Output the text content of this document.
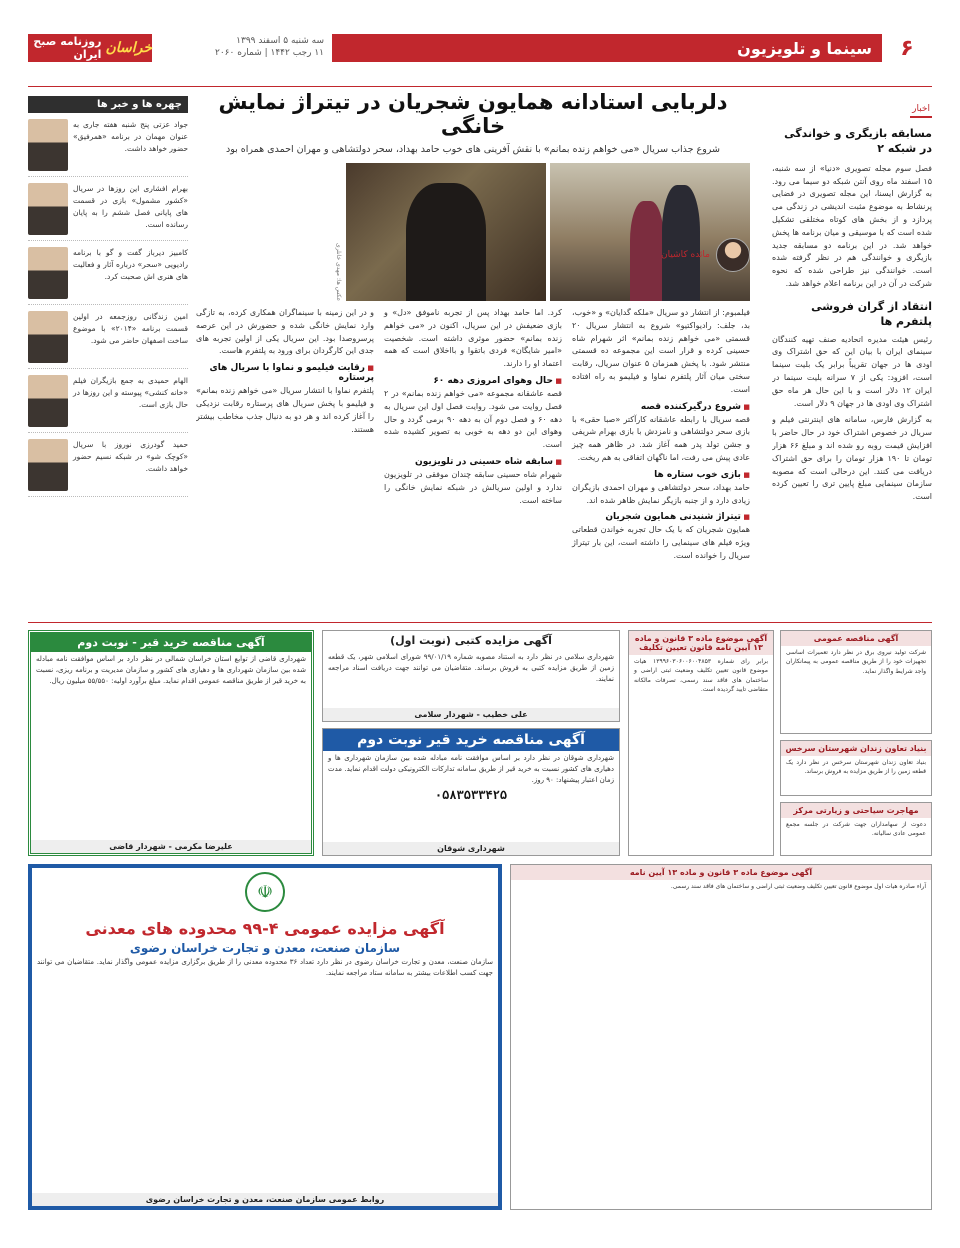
۶
سینما و تلویزیون
سه شنبه ۵ اسفند ۱۳۹۹
۱۱ رجب ۱۴۴۲ | شماره ۲۰۶۰
خراسان
روزنامه صبح ایران
اخبار
مسابقه بازیگری و خواندگی در شبکه ۲

فصل سوم مجله تصویری «دنیا» از سه شنبه، ۱۵ اسفند ماه روی آنتن شبکه دو سیما می رود. به گزارش ایسنا، این مجله تصویری در فضایی پرنشاط به موضوع مثبت اندیشی در زندگی می پردازد و از بخش های کوتاه مختلفی تشکیل شده است که با موسیقی و میان برنامه ها پخش خواهد شد. در این برنامه دو مسابقه جدید بازیگری و خوانندگی هم در نظر گرفته شده است. خوانندگی نیز طراحی شده که نحوه شرکت در آن در این برنامه اعلام خواهد شد.

انتقاد از گران فروشی پلتفرم ها

رئیس هیئت مدیره اتحادیه صنف تهیه کنندگان سینمای ایران با بیان این که حق اشتراک وی اودی ها در جهان تقریباً برابر یک بلیت سینما است، افزود: یکی از ۷ سرانه بلیت سینما در ایران ۱۲ دلار است و با این حال هر ماه حق اشتراک وی اودی ها در جهان ۹ دلار است.

به گزارش فارس، سامانه های اینترنتی فیلم و سریال در خصوص اشتراک خود در حال حاضر با افزایش قیمت روبه رو شده اند و مبلغ ۶۶ هزار تومان تا ۱۹۰ هزار تومان را برای حق اشتراک دریافت می کنند. این درحالی است که مصوبه سازمان سینمایی مبلغ پایین تری را تعیین کرده است.

دلربایی استادانه همایون شجریان در تیتراژ نمایش خانگی

شروع جذاب سریال «می خواهم زنده بمانم» با نقش آفرینی های خوب حامد بهداد، سحر دولتشاهی و مهران احمدی همراه بود

عکس ها: مهدی خانلری	مائده کاشیان

فیلمبوم: از انتشار دو سریال «ملکه گدایان» و «خوب، بد، جلف: رادیواکتیو» شروع به انتشار سریال ۲۰ قسمتی «می خواهم زنده بمانم» اثر شهرام شاه حسینی کرده و قرار است این مجموعه ده قسمتی منتشر شود. با پخش همزمان ۵ عنوان سریال، رقابت سختی میان آثار پلتفرم نماوا و فیلیمو به راه افتاده است.

■ شروع درگیرکننده قصه

قصه سریال با رابطه عاشقانه کارآکتر «صبا حقی» با بازی سحر دولتشاهی و نامزدش با بازی بهرام شریفی و جشن تولد پدر همه آغاز شد. در ظاهر همه چیز عادی پیش می رفت، اما ناگهان اتفاقی به هم ریخت.

■ بازی خوب ستاره ها

حامد بهداد، سحر دولتشاهی و مهران احمدی بازیگران زیادی دارد و از جنبه بازیگر نمایش ظاهر شده اند.

■ تیتراژ شنیدنی همایون شجریان

همایون شجریان که با یک حال تجربه خواندن قطعاتی ویژه فیلم های سینمایی را داشته است، این بار تیتراژ سریال را خوانده است.

کرد. اما حامد بهداد پس از تجربه ناموفق «دل» و بازی ضعیفش در این سریال، اکنون در «می خواهم زنده بمانم» حضور موثری داشته است. شخصیت «امیر شایگان» فردی باتقوا و بااخلاق است که همه اعتماد او را دارند.

■ حال وهوای امروزی دهه ۶۰

قصه عاشقانه مجموعه «می خواهم زنده بمانم» در ۲ فصل روایت می شود. روایت فصل اول این سریال به دهه ۶۰ و فصل دوم آن به دهه ۹۰ برمی گردد و حال وهوای این دو دهه به خوبی به تصویر کشیده شده است.

■ سابقه شاه حسینی در تلویزیون

شهرام شاه حسینی سابقه چندان موفقی در تلویزیون ندارد و اولین سریالش در شبکه نمایش خانگی را ساخته است.

و در این زمینه با سینماگران همکاری کرده، به تازگی وارد نمایش خانگی شده و حضورش در این عرصه پرسروصدا بود. این سریال یکی از اولین تجربه های جدی این کارگردان برای ورود به پلتفرم هاست.

■ رقابت فیلیمو و نماوا با سریال های پرستاره

پلتفرم نماوا با انتشار سریال «می خواهم زنده بمانم» و فیلیمو با پخش سریال های پرستاره رقابت نزدیکی را آغاز کرده اند و هر دو به دنبال جذب مخاطب بیشتر هستند.

چهره ها و خبر ها

جواد عزتی پنج شنبه هفته جاری به عنوان مهمان در برنامه «همرفیق» حضور خواهد داشت.

بهرام افشاری این روزها در سریال «کشور مشمول» بازی در قسمت های پایانی فصل ششم را به پایان رسانده است.

کامبیز دیرباز گفت و گو با برنامه رادیویی «سحر» درباره آثار و فعالیت های هنری اش صحبت کرد.

امین زندگانی روزجمعه در اولین قسمت برنامه «۲۰۱۴» با موضوع ساخت اصفهان حاضر می شود.

الهام حمیدی به جمع بازیگران فیلم «خانه کنشی» پیوسته و این روزها در حال بازی است.

حمید گودرزی نوروز با سریال «کوچک شو» در شبکه نسیم حضور خواهد داشت.

آگهی مناقصه خرید قیر - نوبت دوم
شهرداری قاضی از توابع استان خراسان شمالی در نظر دارد بر اساس موافقت نامه مبادله شده بین سازمان شهرداری ها و دهیاری های کشور و سازمان مدیریت و برنامه ریزی، نسبت به خرید قیر از طریق مناقصه عمومی اقدام نماید. مبلغ برآورد اولیه: ۵۵/۵۵۰ میلیون ریال.
علیرضا مکرمی - شهردار قاضی
آگهی مزایده کتبی (نوبت اول)
شهرداری سلامی در نظر دارد به استناد مصوبه شماره ۹۹/۰۱/۱۹ شورای اسلامی شهر، یک قطعه زمین از طریق مزایده کتبی به فروش برساند. متقاضیان می توانند جهت دریافت اسناد مراجعه نمایند.
علی خطیب - شهردار سلامی
آگهی مناقصه خرید قیر نوبت دوم
شهرداری شوقان در نظر دارد بر اساس موافقت نامه مبادله شده بین سازمان شهرداری ها و دهیاری های کشور نسبت به خرید قیر از طریق سامانه تدارکات الکترونیکی دولت اقدام نماید. مدت زمان اعتبار پیشنهاد: ۹۰ روز.
۰۵۸۳۵۳۳۴۲۵
شهرداری شوقان
آگهی موضوع ماده ۳ قانون و ماده ۱۳ آیین نامه قانون تعیین تکلیف
برابر رای شماره ۱۳۹۹۶۰۳۰۶۰۰۶۰۰۴۸۵۳ هیات موضوع قانون تعیین تکلیف وضعیت ثبتی اراضی و ساختمان های فاقد سند رسمی، تصرفات مالکانه متقاضی تایید گردیده است.
آگهی مناقصه عمومی
شرکت تولید نیروی برق در نظر دارد تعمیرات اساسی تجهیزات خود را از طریق مناقصه عمومی به پیمانکاران واجد شرایط واگذار نماید.
بنیاد تعاون زندان شهرستان سرخس
بنیاد تعاون زندان شهرستان سرخس در نظر دارد یک قطعه زمین را از طریق مزایده به فروش برساند.
مهاجرت سیاحتی و زیارتی مرکز
دعوت از سهامداران جهت شرکت در جلسه مجمع عمومی عادی سالیانه.
☫
آگهی مزایده عمومی ۴-۹۹ محدوده های معدنی
سازمان صنعت، معدن و تجارت خراسان رضوی
سازمان صنعت، معدن و تجارت خراسان رضوی در نظر دارد تعداد ۳۶ محدوده معدنی را از طریق برگزاری مزایده عمومی واگذار نماید. متقاضیان می توانند جهت کسب اطلاعات بیشتر به سامانه ستاد مراجعه نمایند.
روابط عمومی سازمان صنعت، معدن و تجارت خراسان رضوی
آگهی موضوع ماده ۳ قانون و ماده ۱۳ آیین نامه
آراء صادره هیات اول موضوع قانون تعیین تکلیف وضعیت ثبتی اراضی و ساختمان های فاقد سند رسمی.
